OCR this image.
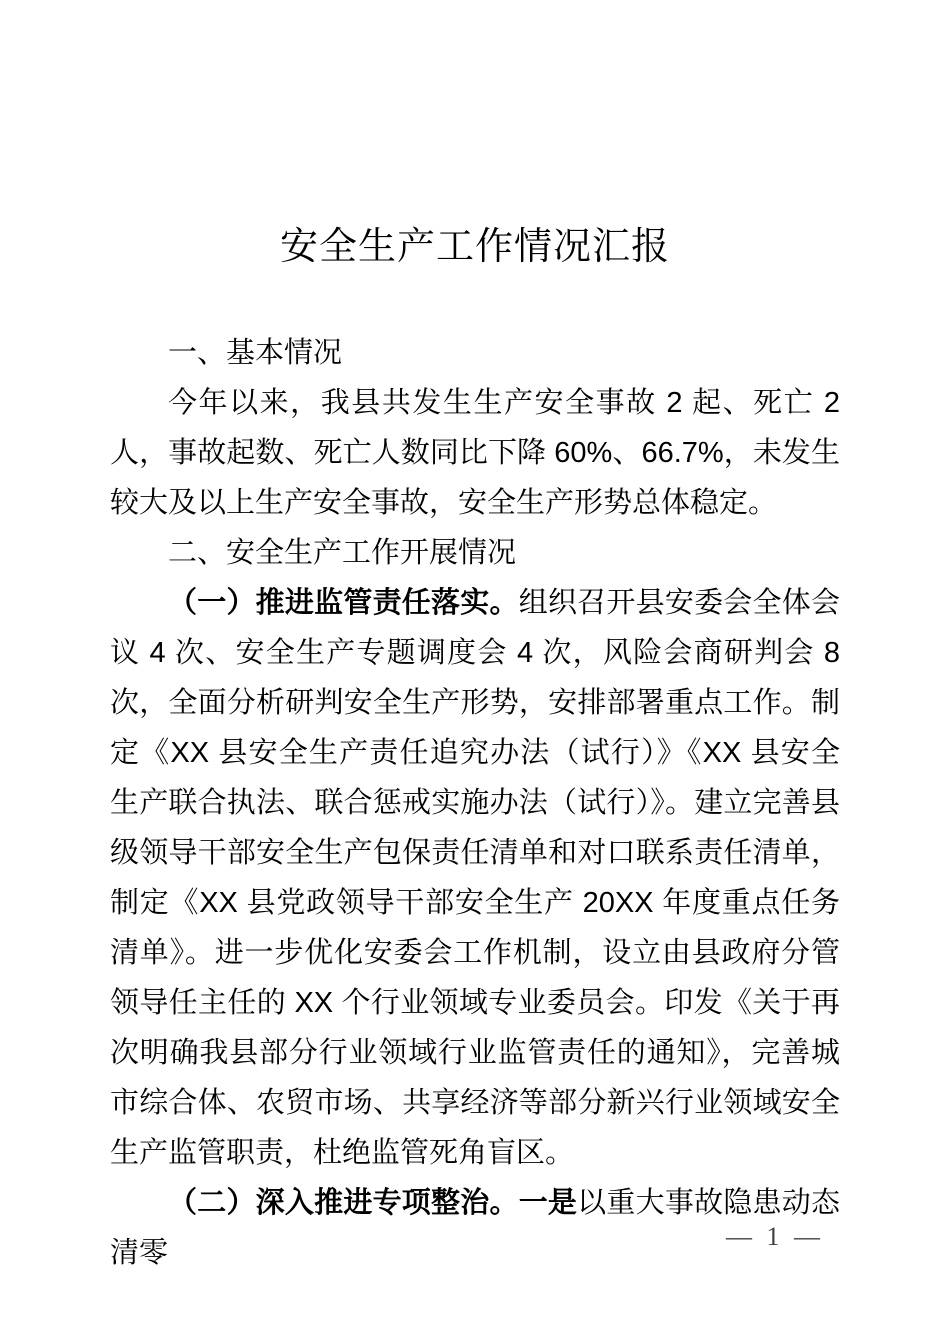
安全生产工作情况汇报

一、基本情况

今年以来，我县共发生生产安全事故 2 起、死亡 2 人，事故起数、死亡人数同比下降 60%、66.7%，未发生较大及以上生产安全事故，安全生产形势总体稳定。

二、安全生产工作开展情况

（一）推进监管责任落实。组织召开县安委会全体会议 4 次、安全生产专题调度会 4 次，风险会商研判会 8 次，全面分析研判安全生产形势，安排部署重点工作。制定《XX 县安全生产责任追究办法（试行）》《XX 县安全生产联合执法、联合惩戒实施办法（试行）》。建立完善县级领导干部安全生产包保责任清单和对口联系责任清单，制定《XX 县党政领导干部安全生产 20XX 年度重点任务清单》。进一步优化安委会工作机制，设立由县政府分管领导任主任的 XX 个行业领域专业委员会。印发《关于再次明确我县部分行业领域行业监管责任的通知》，完善城市综合体、农贸市场、共享经济等部分新兴行业领域安全生产监管职责，杜绝监管死角盲区。

（二）深入推进专项整治。一是以重大事故隐患动态清零

— 1 —
